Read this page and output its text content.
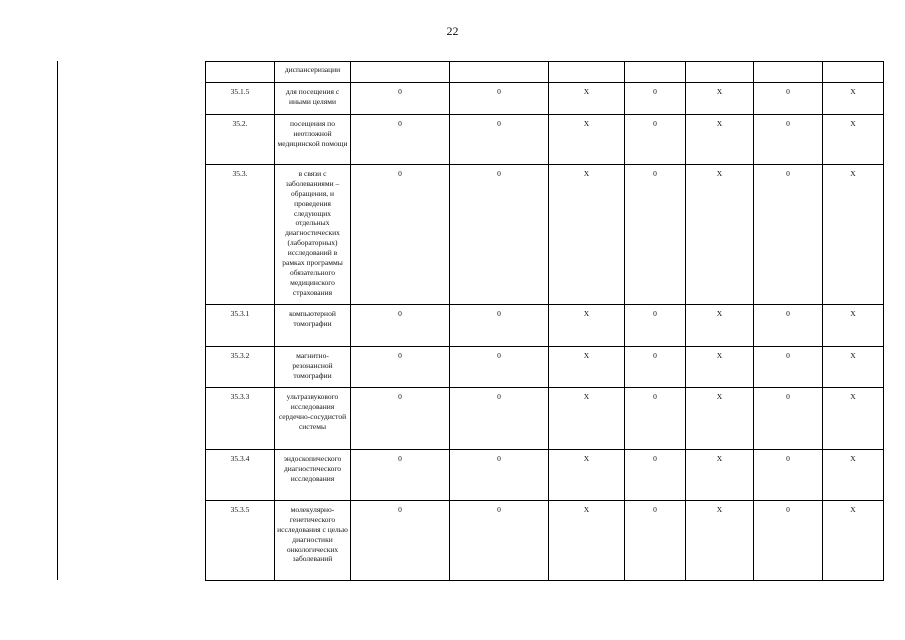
22
	диспансеризации							
35.1.5	для посещения с иными целями	0	0	X	0	X	0	X
35.2.	посещения по неотложной медицинской помощи	0	0	X	0	X	0	X
35.3.	в связи с заболеваниями – обращения, и проведения следующих отдельных диагностических (лабораторных) исследований в рамках программы обязательного медицинского страхования	0	0	X	0	X	0	X
35.3.1	компьютерной томографии	0	0	X	0	X	0	X
35.3.2	магнитно-резонансной томографии	0	0	X	0	X	0	X
35.3.3	ультразвукового исследования сердечно-сосудистой системы	0	0	X	0	X	0	X
35.3.4	эндоскопического диагностического исследования	0	0	X	0	X	0	X
35.3.5	молекулярно-генетического исследования с целью диагностики онкологических заболеваний	0	0	X	0	X	0	X
